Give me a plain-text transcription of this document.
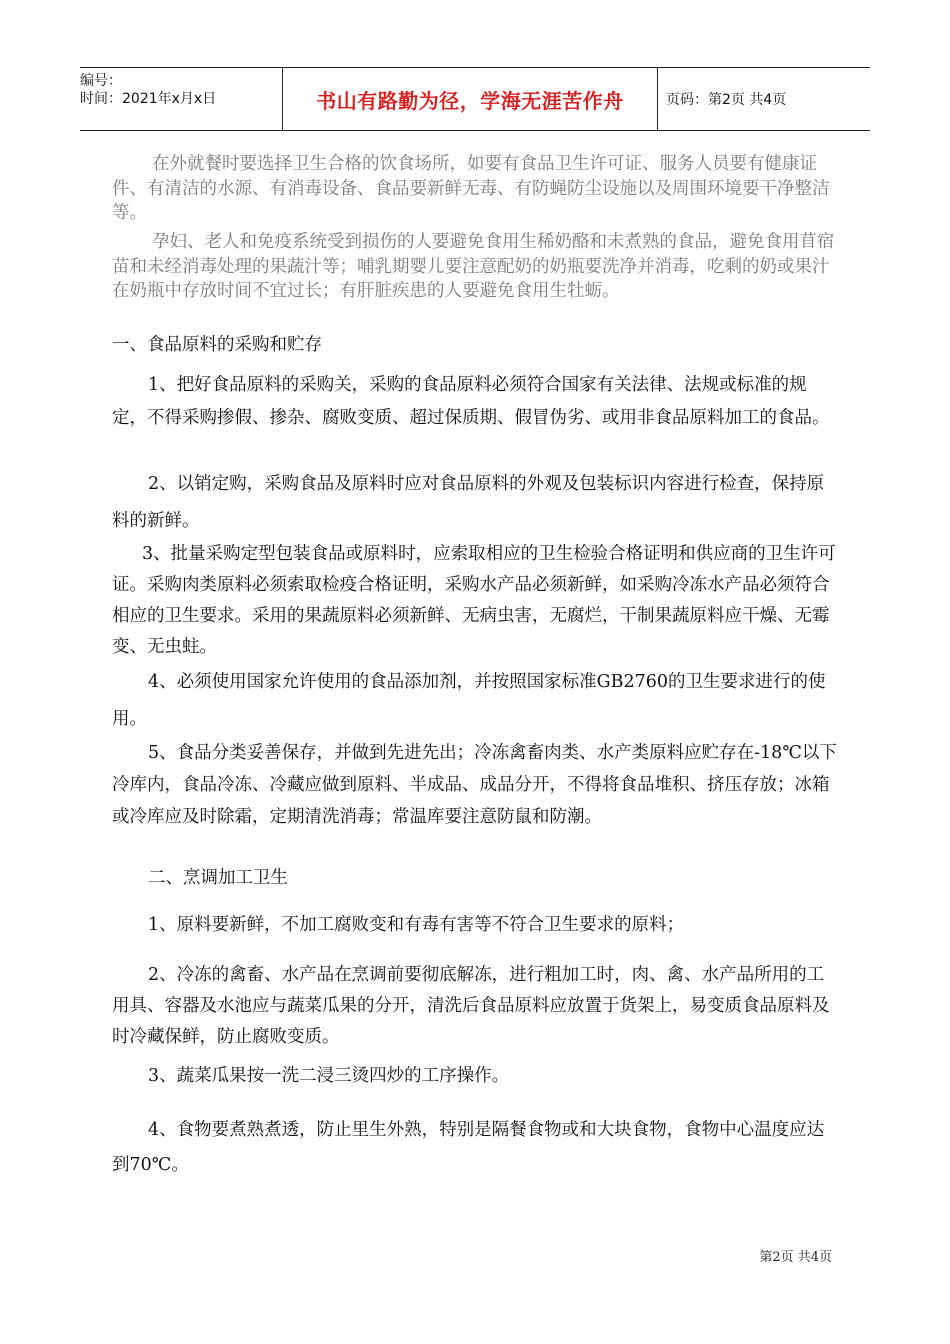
编号：
时间：2021年x月x日	书山有路勤为径，学海无涯苦作舟	页码：第2页 共4页

在外就餐时要选择卫生合格的饮食场所，如要有食品卫生许可证、服务人员要有健康证件、有清洁的水源、有消毒设备、食品要新鲜无毒、有防蝇防尘设施以及周围环境要干净整洁等。

孕妇、老人和免疫系统受到损伤的人要避免食用生稀奶酪和未煮熟的食品，避免食用苜宿苗和未经消毒处理的果蔬汁等；哺乳期婴儿要注意配奶的奶瓶要洗净并消毒，吃剩的奶或果汁在奶瓶中存放时间不宜过长；有肝脏疾患的人要避免食用生牡蛎。

一、食品原料的采购和贮存

1、把好食品原料的采购关，采购的食品原料必须符合国家有关法律、法规或标准的规定，不得采购掺假、掺杂、腐败变质、超过保质期、假冒伪劣、或用非食品原料加工的食品。

2、以销定购，采购食品及原料时应对食品原料的外观及包装标识内容进行检查，保持原料的新鲜。

3、批量采购定型包装食品或原料时，应索取相应的卫生检验合格证明和供应商的卫生许可证。采购肉类原料必须索取检疫合格证明，采购水产品必须新鲜，如采购冷冻水产品必须符合相应的卫生要求。采用的果蔬原料必须新鲜、无病虫害，无腐烂，干制果蔬原料应干燥、无霉变、无虫蛀。

4、必须使用国家允许使用的食品添加剂，并按照国家标准GB2760的卫生要求进行的使用。

5、食品分类妥善保存，并做到先进先出；冷冻禽畜肉类、水产类原料应贮存在-18℃以下冷库内，食品冷冻、冷藏应做到原料、半成品、成品分开，不得将食品堆积、挤压存放；冰箱或冷库应及时除霜，定期清洗消毒；常温库要注意防鼠和防潮。

二、烹调加工卫生

1、原料要新鲜，不加工腐败变和有毒有害等不符合卫生要求的原料；

2、冷冻的禽畜、水产品在烹调前要彻底解冻，进行粗加工时，肉、禽、水产品所用的工用具、容器及水池应与蔬菜瓜果的分开，清洗后食品原料应放置于货架上，易变质食品原料及时冷藏保鲜，防止腐败变质。

3、蔬菜瓜果按一洗二浸三烫四炒的工序操作。

4、食物要煮熟煮透，防止里生外熟，特别是隔餐食物或和大块食物，食物中心温度应达到70℃。

第2页 共4页
